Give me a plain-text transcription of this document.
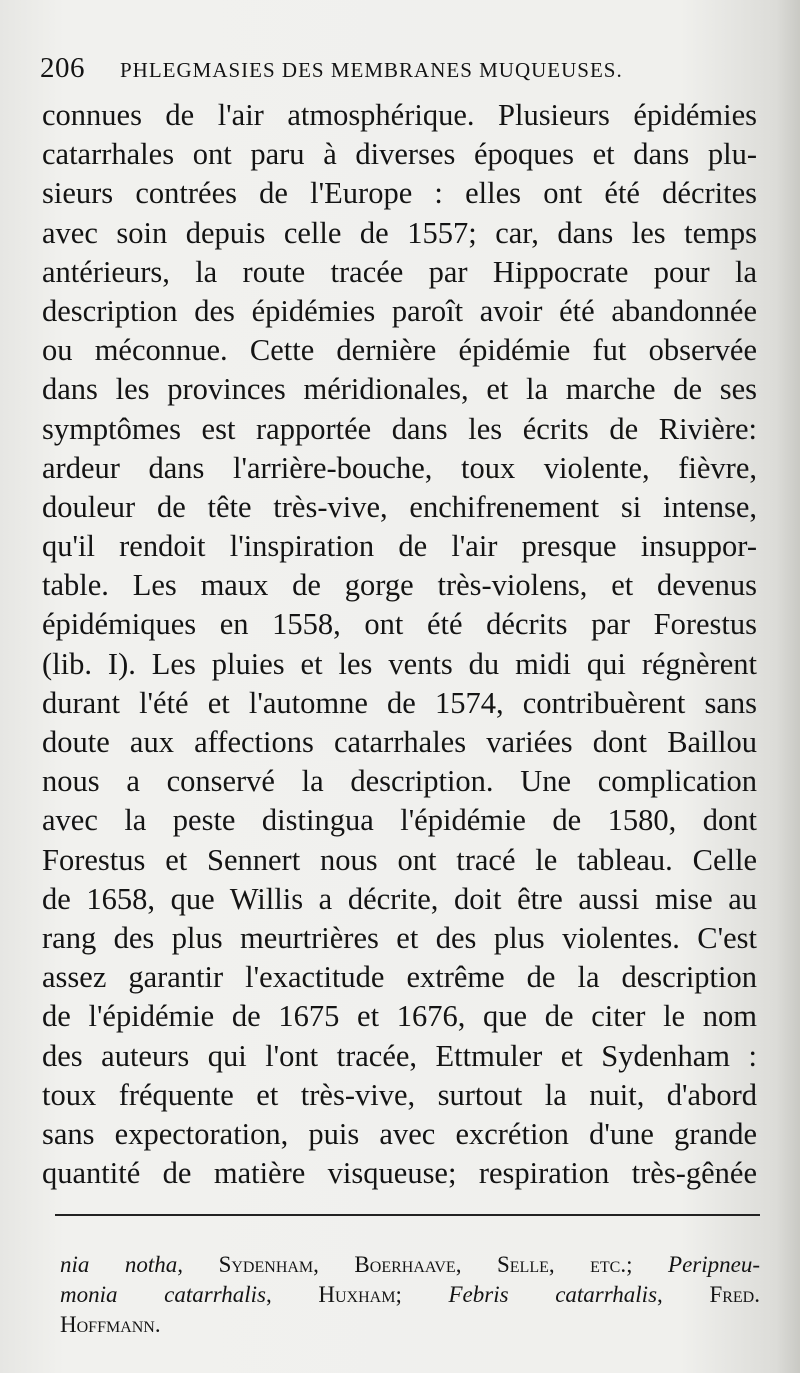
206 PHLEGMASIES DES MEMBRANES MUQUEUSES.
connues de l'air atmosphérique. Plusieurs épidémies
catarrhales ont paru à diverses époques et dans plu-
sieurs contrées de l'Europe : elles ont été décrites
avec soin depuis celle de 1557; car, dans les temps
antérieurs, la route tracée par Hippocrate pour la
description des épidémies paroît avoir été abandonnée
ou méconnue. Cette dernière épidémie fut observée
dans les provinces méridionales, et la marche de ses
symptômes est rapportée dans les écrits de Rivière:
ardeur dans l'arrière-bouche, toux violente, fièvre,
douleur de tête très-vive, enchifrenement si intense,
qu'il rendoit l'inspiration de l'air presque insuppor-
table. Les maux de gorge très-violens, et devenus
épidémiques en 1558, ont été décrits par Forestus
(lib. I). Les pluies et les vents du midi qui régnèrent
durant l'été et l'automne de 1574, contribuèrent sans
doute aux affections catarrhales variées dont Baillou
nous a conservé la description. Une complication
avec la peste distingua l'épidémie de 1580, dont
Forestus et Sennert nous ont tracé le tableau. Celle
de 1658, que Willis a décrite, doit être aussi mise au
rang des plus meurtrières et des plus violentes. C'est
assez garantir l'exactitude extrême de la description
de l'épidémie de 1675 et 1676, que de citer le nom
des auteurs qui l'ont tracée, Ettmuler et Sydenham :
toux fréquente et très-vive, surtout la nuit, d'abord
sans expectoration, puis avec excrétion d'une grande
quantité de matière visqueuse; respiration très-gênée
nia notha, Sydenham, Boerhaave, Selle, etc.; Peripneu-
monia catarrhalis, Huxham; Febris catarrhalis, Fred.
Hoffmann.
